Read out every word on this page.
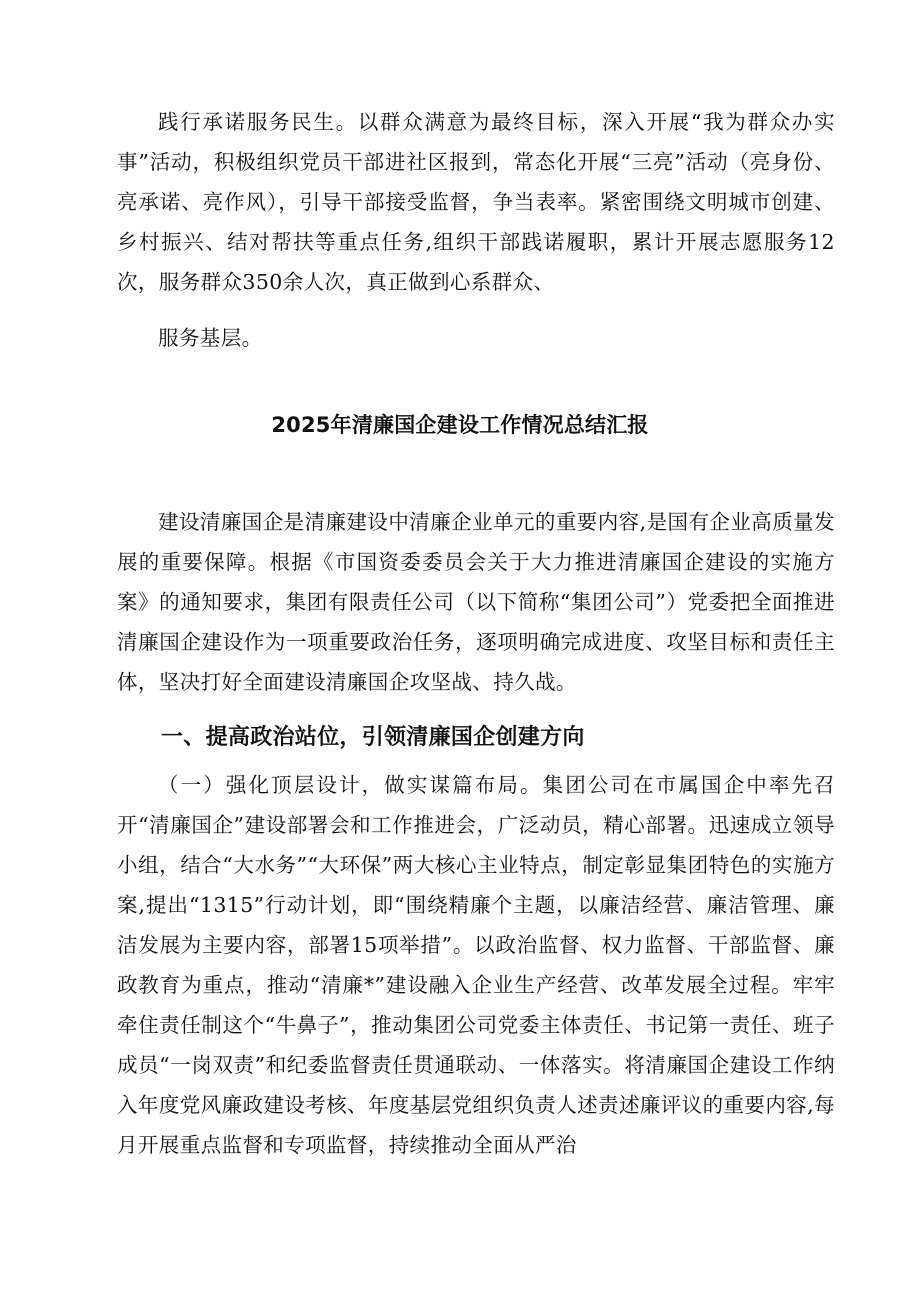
践行承诺服务民生。以群众满意为最终目标，深入开展“我为群众办实事”活动，积极组织党员干部进社区报到，常态化开展“三亮”活动（亮身份、亮承诺、亮作风），引导干部接受监督，争当表率。紧密围绕文明城市创建、乡村振兴、结对帮扶等重点任务,组织干部践诺履职，累计开展志愿服务12次，服务群众350余人次，真正做到心系群众、

服务基层。

2025年清廉国企建设工作情况总结汇报

建设清廉国企是清廉建设中清廉企业单元的重要内容,是国有企业高质量发展的重要保障。根据《市国资委委员会关于大力推进清廉国企建设的实施方案》的通知要求，集团有限责任公司（以下简称“集团公司”）党委把全面推进清廉国企建设作为一项重要政治任务，逐项明确完成进度、攻坚目标和责任主体，坚决打好全面建设清廉国企攻坚战、持久战。

一、提高政治站位，引领清廉国企创建方向

（一）强化顶层设计，做实谋篇布局。集团公司在市属国企中率先召开“清廉国企”建设部署会和工作推进会，广泛动员，精心部署。迅速成立领导小组，结合“大水务”“大环保”两大核心主业特点，制定彰显集团特色的实施方案,提出“1315”行动计划，即“围绕精廉个主题，以廉洁经营、廉洁管理、廉洁发展为主要内容，部署15项举措”。以政治监督、权力监督、干部监督、廉政教育为重点，推动“清廉*”建设融入企业生产经营、改革发展全过程。牢牢牵住责任制这个“牛鼻子”，推动集团公司党委主体责任、书记第一责任、班子成员“一岗双责”和纪委监督责任贯通联动、一体落实。将清廉国企建设工作纳入年度党风廉政建设考核、年度基层党组织负责人述责述廉评议的重要内容,每月开展重点监督和专项监督，持续推动全面从严治
